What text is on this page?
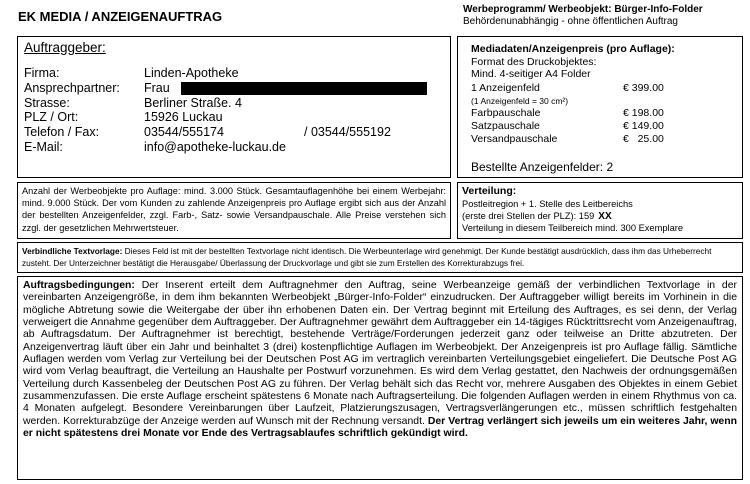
EK MEDIA / ANZEIGENAUFTRAG	Werbeprogramm/ Werbeobjekt: Bürger-Info-Folder
Behördenunabhängig - ohne öffentlichen Auftrag
Auftraggeber:
Firma:	Linden-Apotheke
Ansprechpartner: Frau
Strasse:	Berliner Straße. 4
PLZ / Ort:	15926 Luckau
Telefon / Fax:	03544/555174	/ 03544/555192
E-Mail:	info@apotheke-luckau.de
Mediadaten/Anzeigenpreis (pro Auflage):
Format des Druckobjektes:
Mind. 4-seitiger A4 Folder
1 Anzeigenfeld	€ 399.00
(1 Anzeigenfeld = 30 cm²)
Farbpauschale	€ 198.00
Satzpauschale	€ 149.00
Versandpauschale	€   25.00
Bestellte Anzeigenfelder: 2
Anzahl der Werbeobjekte pro Auflage: mind. 3.000 Stück. Gesamtauflagenhöhe bei einem Werbejahr: mind. 9.000 Stück. Der vom Kunden zu zahlende Anzeigenpreis pro Auflage ergibt sich aus der Anzahl der bestellten Anzeigenfelder, zzgl. Farb-, Satz- sowie Versandpauschale. Alle Preise verstehen sich zzgl. der gesetzlichen Mehrwertsteuer.
Verteilung:
Postleitregion + 1. Stelle des Leitbereichs
(erste drei Stellen der PLZ): 159 XX
Verteilung in diesem Teilbereich mind. 300 Exemplare
Verbindliche Textvorlage: Dieses Feld ist mit der bestellten Textvorlage nicht identisch. Die Werbeunterlage wird genehmigt. Der Kunde bestätigt ausdrücklich, dass ihm das Urheberrecht zusteht. Der Unterzeichner bestätigt die Herausgabe/ Überlassung der Druckvorlage und gibt sie zum Erstellen des Korrekturabzugs frei.
Auftragsbedingungen: Der Inserent erteilt dem Auftragnehmer den Auftrag, seine Werbeanzeige gemäß der verbindlichen Textvorlage in der vereinbarten Anzeigengröße, in dem ihm bekannten Werbeobjekt „Bürger-Info-Folder“ einzudrucken. Der Auftraggeber willigt bereits im Vorhinein in die mögliche Abtretung sowie die Weitergabe der über ihn erhobenen Daten ein. Der Vertrag beginnt mit Erteilung des Auftrages, es sei denn, der Verlag verweigert die Annahme gegenüber dem Auftraggeber. Der Auftragnehmer gewährt dem Auftraggeber ein 14-tägiges Rücktrittsrecht vom Anzeigenauftrag, ab Auftragsdatum. Der Auftragnehmer ist berechtigt, bestehende Verträge/Forderungen jederzeit ganz oder teilweise an Dritte abzutreten. Der Anzeigenvertrag läuft über ein Jahr und beinhaltet 3 (drei) kostenpflichtige Auflagen im Werbeobjekt. Der Anzeigenpreis ist pro Auflage fällig. Sämtliche Auflagen werden vom Verlag zur Verteilung bei der Deutschen Post AG im vertraglich vereinbarten Verteilungsgebiet eingeliefert. Die Deutsche Post AG wird vom Verlag beauftragt, die Verteilung an Haushalte per Postwurf vorzunehmen. Es wird dem Verlag gestattet, den Nachweis der ordnungsgemäßen Verteilung durch Kassenbeleg der Deutschen Post AG zu führen. Der Verlag behält sich das Recht vor, mehrere Ausgaben des Objektes in einem Gebiet zusammenzufassen. Die erste Auflage erscheint spätestens 6 Monate nach Auftragserteilung. Die folgenden Auflagen werden in einem Rhythmus von ca. 4 Monaten aufgelegt. Besondere Vereinbarungen über Laufzeit, Platzierungszusagen, Vertragsverlängerungen etc., müssen schriftlich festgehalten werden. Korrekturabzüge der Anzeige werden auf Wunsch mit der Rechnung versandt. Der Vertrag verlängert sich jeweils um ein weiteres Jahr, wenn er nicht spätestens drei Monate vor Ende des Vertragsablaufes schriftlich gekündigt wird.
